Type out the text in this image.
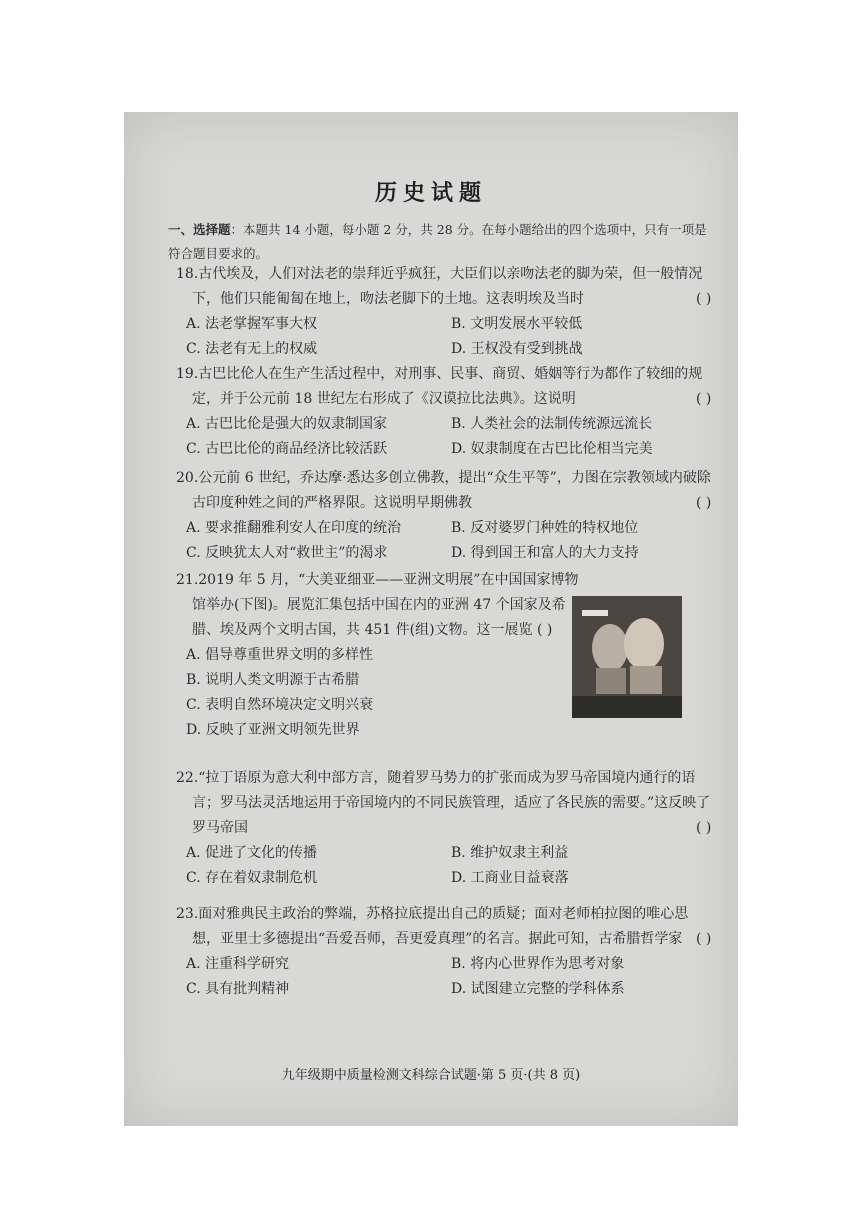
历史试题
一、选择题：本题共 14 小题，每小题 2 分，共 28 分。在每小题给出的四个选项中，只有一项是符合题目要求的。
18.古代埃及，人们对法老的崇拜近乎疯狂，大臣们以亲吻法老的脚为荣，但一般情况下，他们只能匍匐在地上，吻法老脚下的土地。这表明埃及当时	( )
A. 法老掌握军事大权	B. 文明发展水平较低
C. 法老有无上的权威	D. 王权没有受到挑战
19.古巴比伦人在生产生活过程中，对刑事、民事、商贸、婚姻等行为都作了较细的规定，并于公元前 18 世纪左右形成了《汉谟拉比法典》。这说明	( )
A. 古巴比伦是强大的奴隶制国家	B. 人类社会的法制传统源远流长
C. 古巴比伦的商品经济比较活跃	D. 奴隶制度在古巴比伦相当完美
20.公元前 6 世纪，乔达摩·悉达多创立佛教，提出“众生平等”，力图在宗教领域内破除古印度种姓之间的严格界限。这说明早期佛教	( )
A. 要求推翻雅利安人在印度的统治	B. 反对婆罗门种姓的特权地位
C. 反映犹太人对“救世主”的渴求	D. 得到国王和富人的大力支持
21.2019 年 5 月，“大美亚细亚——亚洲文明展”在中国国家博物馆举办(下图)。展览汇集包括中国在内的亚洲 47 个国家及希腊、埃及两个文明古国，共 451 件(组)文物。这一展览 ( )
A. 倡导尊重世界文明的多样性
B. 说明人类文明源于古希腊
C. 表明自然环境决定文明兴衰
D. 反映了亚洲文明领先世界
22.“拉丁语原为意大利中部方言，随着罗马势力的扩张而成为罗马帝国境内通行的语言；罗马法灵活地运用于帝国境内的不同民族管理，适应了各民族的需要。”这反映了罗马帝国	( )
A. 促进了文化的传播	B. 维护奴隶主利益
C. 存在着奴隶制危机	D. 工商业日益衰落
23.面对雅典民主政治的弊端，苏格拉底提出自己的质疑；面对老师柏拉图的唯心思想，亚里士多德提出“吾爱吾师，吾更爱真理”的名言。据此可知，古希腊哲学家 ( )
A. 注重科学研究	B. 将内心世界作为思考对象
C. 具有批判精神	D. 试图建立完整的学科体系
九年级期中质量检测文科综合试题·第 5 页·(共 8 页)
